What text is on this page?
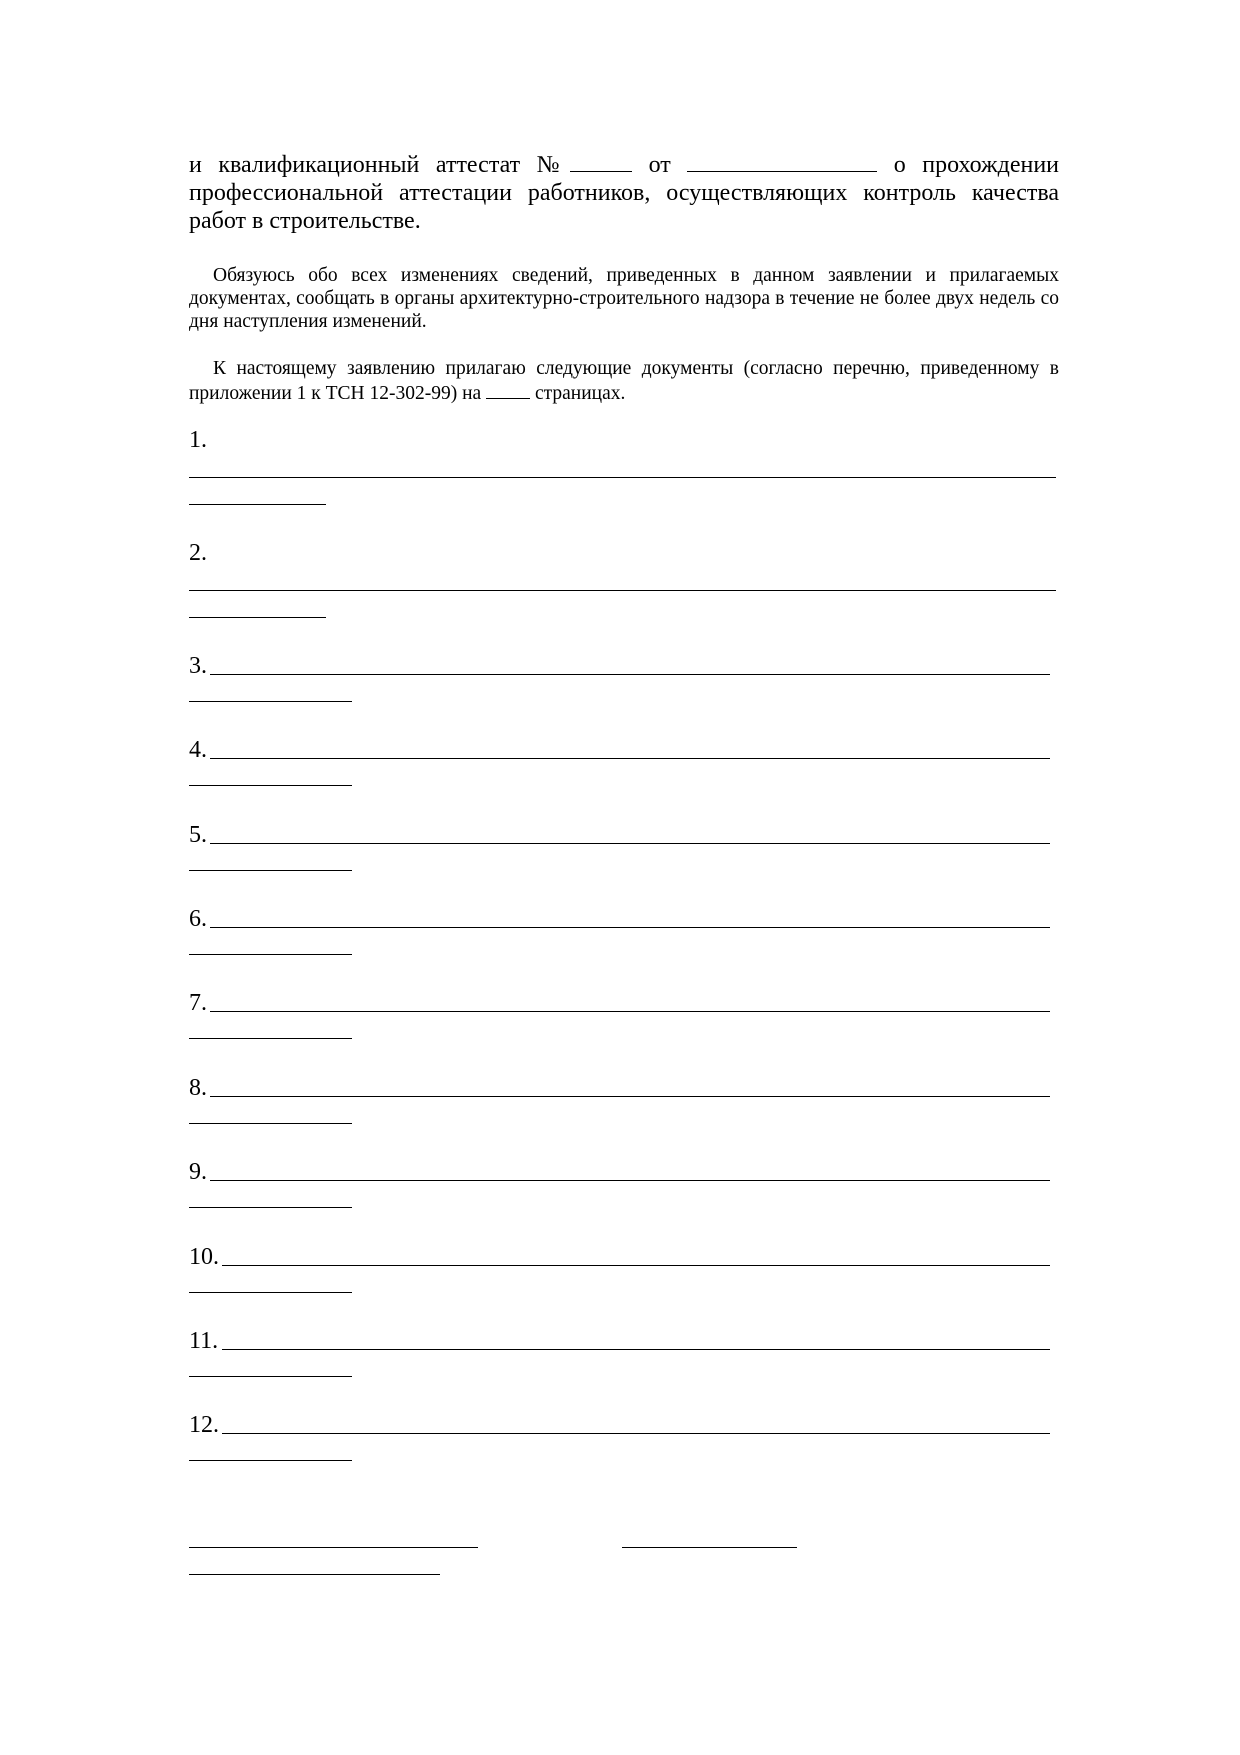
и квалификационный аттестат №	от	о прохождении профессиональной аттестации работников, осуществляющих контроль качества работ в строительстве.

Обязуюсь обо всех изменениях сведений, приведенных в данном заявлении и прилагаемых документах, сообщать в органы архитектурно-строительного надзора в течение не более двух недель со дня наступления изменений.

К настоящему заявлению прилагаю следующие документы (согласно перечню, приведенному в приложении 1 к ТСН 12-302-99) на  страницах.

1.
2.
3.
4.
5.
6.
7.
8.
9.
10.
11.
12.
